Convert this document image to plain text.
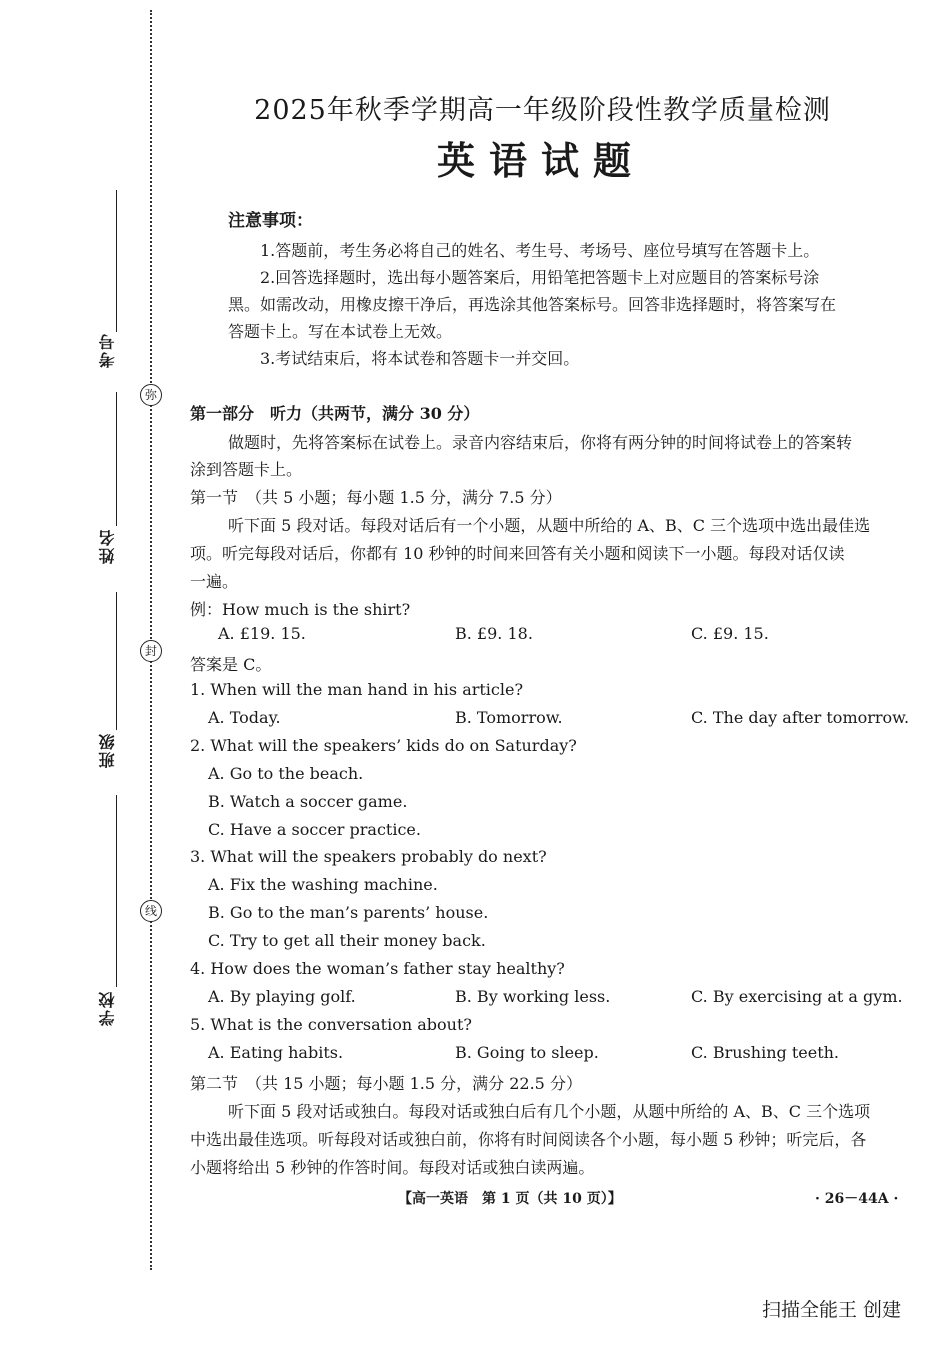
弥
封
线
考号
姓名
班级
学校
2025年秋季学期高一年级阶段性教学质量检测
英语试题
注意事项：
1.答题前，考生务必将自己的姓名、考生号、考场号、座位号填写在答题卡上。
2.回答选择题时，选出每小题答案后，用铅笔把答题卡上对应题目的答案标号涂
黑。如需改动，用橡皮擦干净后，再选涂其他答案标号。回答非选择题时，将答案写在
答题卡上。写在本试卷上无效。
3.考试结束后，将本试卷和答题卡一并交回。
第一部分　听力（共两节，满分 30 分）
做题时，先将答案标在试卷上。录音内容结束后，你将有两分钟的时间将试卷上的答案转
涂到答题卡上。
第一节　（共 5 小题；每小题 1.5 分，满分 7.5 分）
听下面 5 段对话。每段对话后有一个小题，从题中所给的 A、B、C 三个选项中选出最佳选
项。听完每段对话后，你都有 10 秒钟的时间来回答有关小题和阅读下一小题。每段对话仅读
一遍。
例：How much is the shirt?
A. £19. 15.	B. £9. 18.	C. £9. 15.
答案是 C。
1. When will the man hand in his article?
A. Today.	B. Tomorrow.	C. The day after tomorrow.
2. What will the speakers’ kids do on Saturday?
A. Go to the beach.
B. Watch a soccer game.
C. Have a soccer practice.
3. What will the speakers probably do next?
A. Fix the washing machine.
B. Go to the man’s parents’ house.
C. Try to get all their money back.
4. How does the woman’s father stay healthy?
A. By playing golf.	B. By working less.	C. By exercising at a gym.
5. What is the conversation about?
A. Eating habits.	B. Going to sleep.	C. Brushing teeth.
第二节　（共 15 小题；每小题 1.5 分，满分 22.5 分）
听下面 5 段对话或独白。每段对话或独白后有几个小题，从题中所给的 A、B、C 三个选项
中选出最佳选项。听每段对话或独白前，你将有时间阅读各个小题，每小题 5 秒钟；听完后，各
小题将给出 5 秒钟的作答时间。每段对话或独白读两遍。
【高一英语　第 1 页（共 10 页）】	· 26－44A ·
扫描全能王 创建
